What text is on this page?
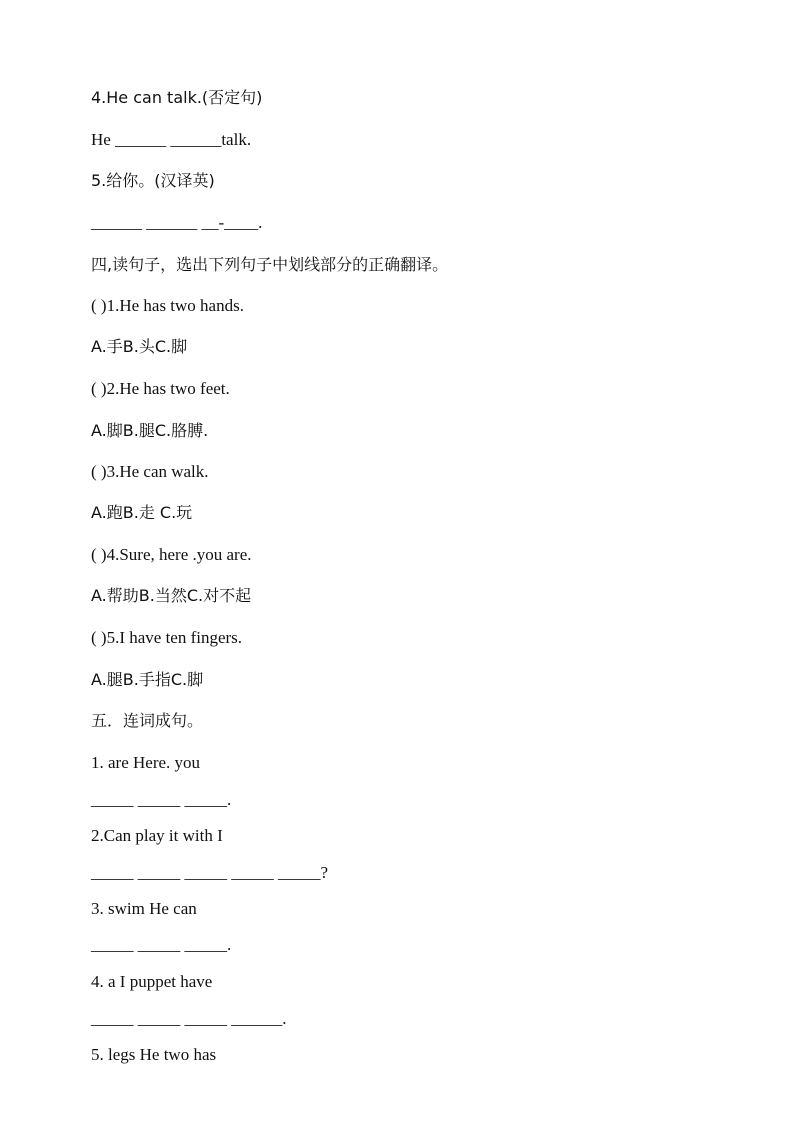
4.He can talk.(否定句)
He ______ ______talk.
5.给你。(汉译英)
______ ______ __-____.
四,读句子，选出下列句子中划线部分的正确翻译。
( )1.He has two hands.
A.手B.头C.脚
( )2.He has two feet.
A.脚B.腿C.胳膊.
( )3.He can walk.
A.跑B.走 C.玩
( )4.Sure, here .you are.
A.帮助B.当然C.对不起
( )5.I have ten fingers.
A.腿B.手指C.脚
五．连词成句。
1. are Here. you
_____ _____ _____.
2.Can play it with I
_____ _____ _____ _____ _____?
3. swim He can
_____ _____ _____.
4. a I puppet have
_____ _____ _____ ______.
5. legs He two has
